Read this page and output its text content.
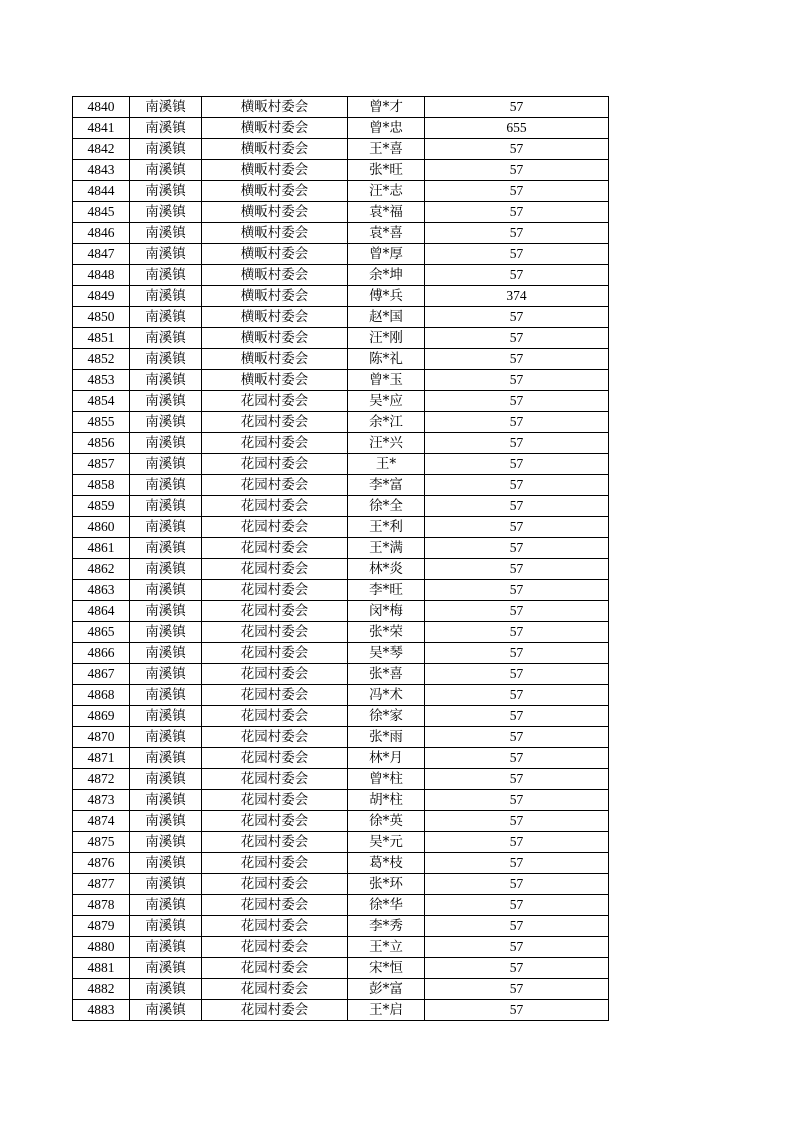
4840	南溪镇	横畈村委会	曾*才	57
4841	南溪镇	横畈村委会	曾*忠	655
4842	南溪镇	横畈村委会	王*喜	57
4843	南溪镇	横畈村委会	张*旺	57
4844	南溪镇	横畈村委会	汪*志	57
4845	南溪镇	横畈村委会	袁*福	57
4846	南溪镇	横畈村委会	袁*喜	57
4847	南溪镇	横畈村委会	曾*厚	57
4848	南溪镇	横畈村委会	余*坤	57
4849	南溪镇	横畈村委会	傅*兵	374
4850	南溪镇	横畈村委会	赵*国	57
4851	南溪镇	横畈村委会	汪*刚	57
4852	南溪镇	横畈村委会	陈*礼	57
4853	南溪镇	横畈村委会	曾*玉	57
4854	南溪镇	花园村委会	吴*应	57
4855	南溪镇	花园村委会	余*江	57
4856	南溪镇	花园村委会	汪*兴	57
4857	南溪镇	花园村委会	王*	57
4858	南溪镇	花园村委会	李*富	57
4859	南溪镇	花园村委会	徐*全	57
4860	南溪镇	花园村委会	王*利	57
4861	南溪镇	花园村委会	王*满	57
4862	南溪镇	花园村委会	林*炎	57
4863	南溪镇	花园村委会	李*旺	57
4864	南溪镇	花园村委会	闵*梅	57
4865	南溪镇	花园村委会	张*荣	57
4866	南溪镇	花园村委会	吴*琴	57
4867	南溪镇	花园村委会	张*喜	57
4868	南溪镇	花园村委会	冯*术	57
4869	南溪镇	花园村委会	徐*家	57
4870	南溪镇	花园村委会	张*雨	57
4871	南溪镇	花园村委会	林*月	57
4872	南溪镇	花园村委会	曾*柱	57
4873	南溪镇	花园村委会	胡*柱	57
4874	南溪镇	花园村委会	徐*英	57
4875	南溪镇	花园村委会	吴*元	57
4876	南溪镇	花园村委会	葛*枝	57
4877	南溪镇	花园村委会	张*环	57
4878	南溪镇	花园村委会	徐*华	57
4879	南溪镇	花园村委会	李*秀	57
4880	南溪镇	花园村委会	王*立	57
4881	南溪镇	花园村委会	宋*恒	57
4882	南溪镇	花园村委会	彭*富	57
4883	南溪镇	花园村委会	王*启	57
